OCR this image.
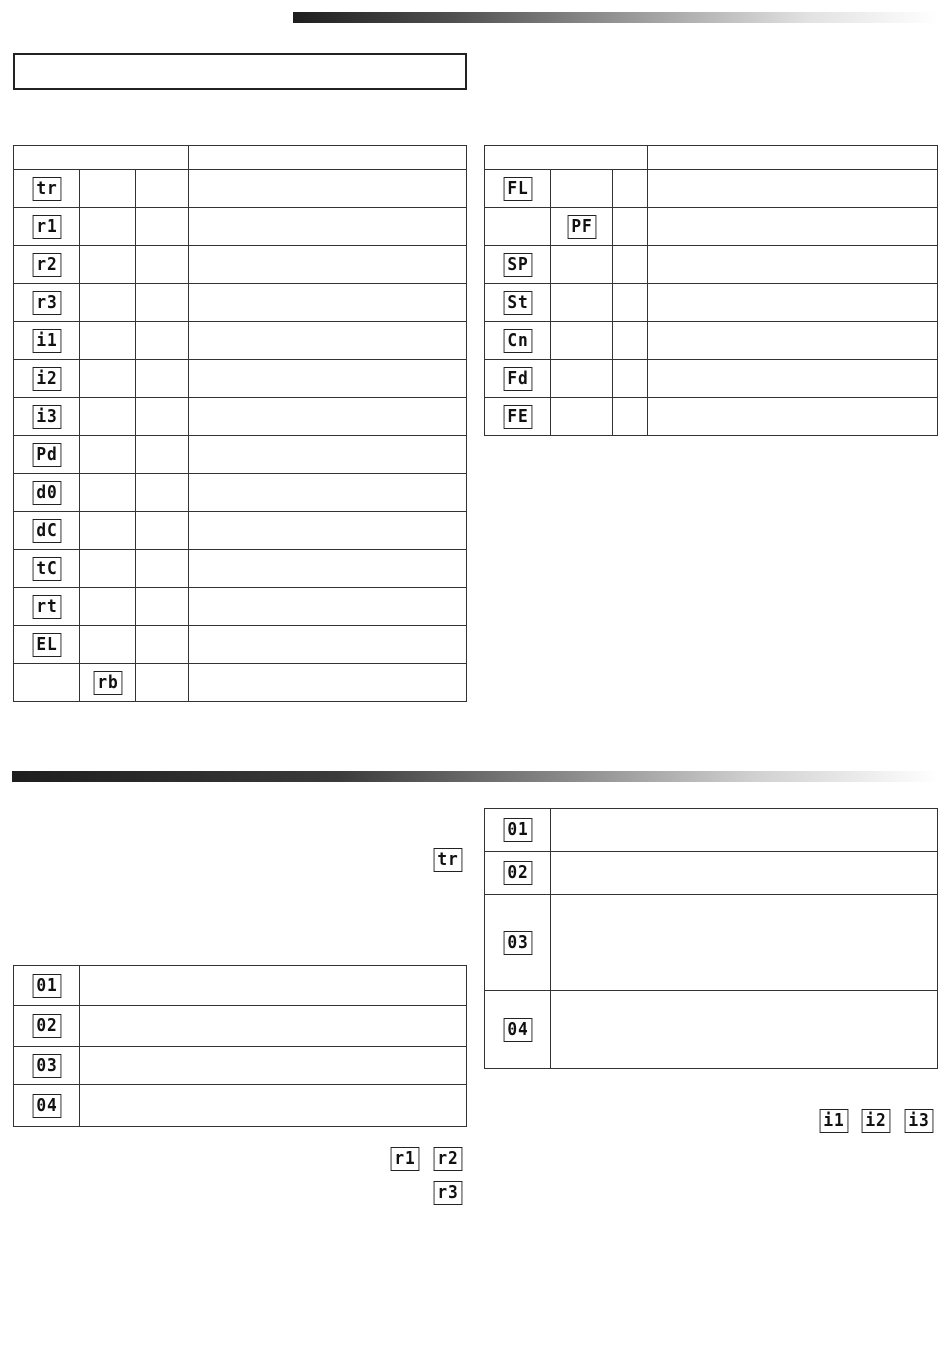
tr			
r1			
r2			
r3			
i1			
i2			
i3			
Pd			
d0			
dC			
tC			
rt			
EL			
	rb		

FL			
	PF		
SP			
St			
Cn			
Fd			
FE			
tr
01	
02	
03	
04	
r1 r2
r3
01	
02	
03	
04	
i1 i2 i3
